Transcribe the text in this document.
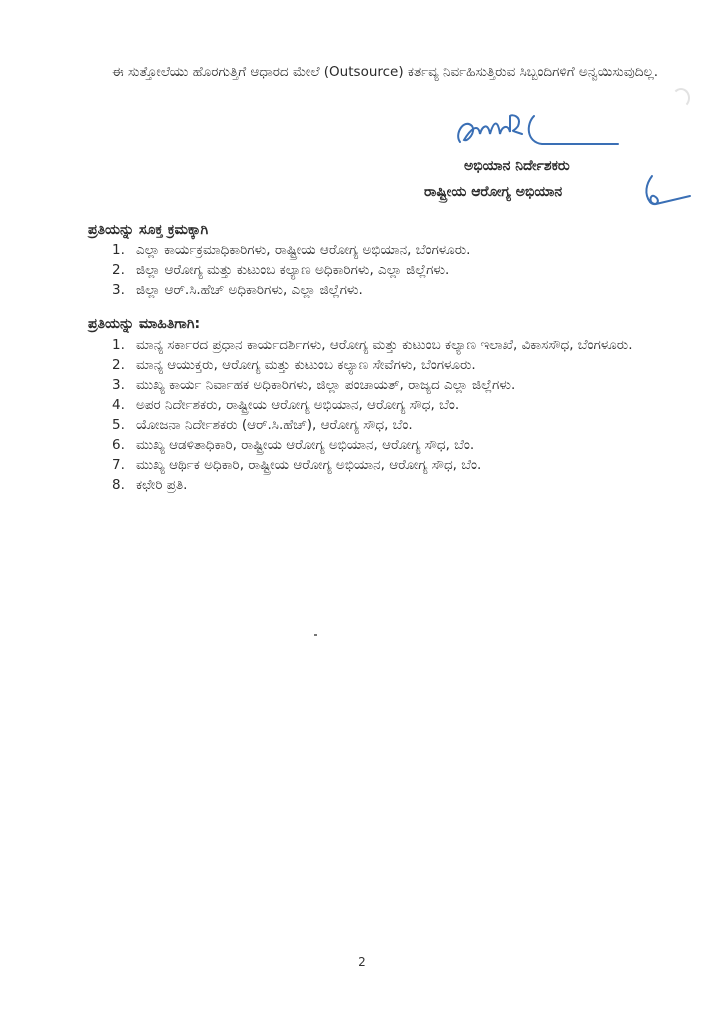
ಈ ಸುತ್ತೋಲೆಯು ಹೊರಗುತ್ತಿಗೆ ಆಧಾರದ ಮೇಲೆ (Outsource) ಕರ್ತವ್ಯ ನಿರ್ವಹಿಸುತ್ತಿರುವ ಸಿಬ್ಬಂದಿಗಳಿಗೆ ಅನ್ವಯಿಸುವುದಿಲ್ಲ.

ಅಭಿಯಾನ ನಿರ್ದೇಶಕರು
ರಾಷ್ಟ್ರೀಯ ಆರೋಗ್ಯ ಅಭಿಯಾನ
ಪ್ರತಿಯನ್ನು ಸೂಕ್ತ ಕ್ರಮಕ್ಕಾಗಿ
1. ಎಲ್ಲಾ ಕಾರ್ಯಕ್ರಮಾಧಿಕಾರಿಗಳು, ರಾಷ್ಟ್ರೀಯ ಆರೋಗ್ಯ ಅಭಿಯಾನ, ಬೆಂಗಳೂರು.
2. ಜಿಲ್ಲಾ ಆರೋಗ್ಯ ಮತ್ತು ಕುಟುಂಬ ಕಲ್ಯಾಣ ಅಧಿಕಾರಿಗಳು, ಎಲ್ಲಾ ಜಿಲ್ಲೆಗಳು.
3. ಜಿಲ್ಲಾ ಆರ್.ಸಿ.ಹೆಚ್ ಅಧಿಕಾರಿಗಳು, ಎಲ್ಲಾ ಜಿಲ್ಲೆಗಳು.
ಪ್ರತಿಯನ್ನು ಮಾಹಿತಿಗಾಗಿ:
1. ಮಾನ್ಯ ಸರ್ಕಾರದ ಪ್ರಧಾನ ಕಾರ್ಯದರ್ಶಿಗಳು, ಆರೋಗ್ಯ ಮತ್ತು ಕುಟುಂಬ ಕಲ್ಯಾಣ ಇಲಾಖೆ, ವಿಕಾಸಸೌಧ, ಬೆಂಗಳೂರು.
2. ಮಾನ್ಯ ಆಯುಕ್ತರು, ಆರೋಗ್ಯ ಮತ್ತು ಕುಟುಂಬ ಕಲ್ಯಾಣ ಸೇವೆಗಳು, ಬೆಂಗಳೂರು.
3. ಮುಖ್ಯ ಕಾರ್ಯ ನಿರ್ವಾಹಕ ಅಧಿಕಾರಿಗಳು, ಜಿಲ್ಲಾ ಪಂಚಾಯತ್, ರಾಜ್ಯದ ಎಲ್ಲಾ ಜಿಲ್ಲೆಗಳು.
4. ಅಪರ ನಿರ್ದೇಶಕರು, ರಾಷ್ಟ್ರೀಯ ಆರೋಗ್ಯ ಅಭಿಯಾನ, ಆರೋಗ್ಯ ಸೌಧ, ಬೆಂ.
5. ಯೋಜನಾ ನಿರ್ದೇಶಕರು (ಆರ್.ಸಿ.ಹೆಚ್), ಆರೋಗ್ಯ ಸೌಧ, ಬೆಂ.
6. ಮುಖ್ಯ ಆಡಳಿತಾಧಿಕಾರಿ, ರಾಷ್ಟ್ರೀಯ ಆರೋಗ್ಯ ಅಭಿಯಾನ, ಆರೋಗ್ಯ ಸೌಧ, ಬೆಂ.
7. ಮುಖ್ಯ ಆರ್ಥಿಕ ಅಧಿಕಾರಿ, ರಾಷ್ಟ್ರೀಯ ಆರೋಗ್ಯ ಅಭಿಯಾನ, ಆರೋಗ್ಯ ಸೌಧ, ಬೆಂ.
8. ಕಛೇರಿ ಪ್ರತಿ.
2
